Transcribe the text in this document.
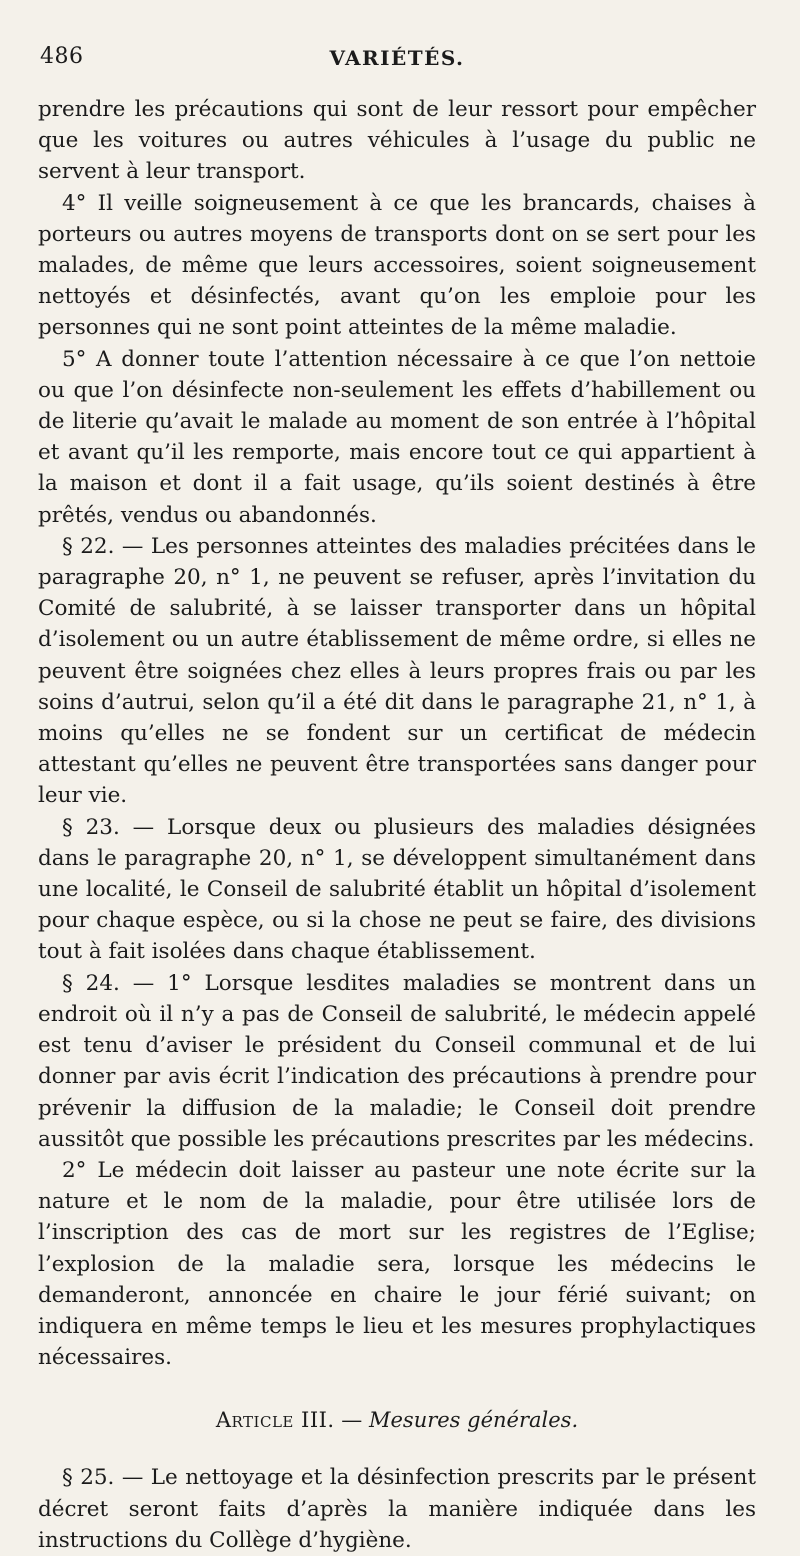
486	VARIÉTÉS.

prendre les précautions qui sont de leur ressort pour empêcher que les voitures ou autres véhicules à l’usage du public ne servent à leur transport.

4° Il veille soigneusement à ce que les brancards, chaises à porteurs ou autres moyens de transports dont on se sert pour les malades, de même que leurs accessoires, soient soigneusement nettoyés et désinfectés, avant qu’on les emploie pour les personnes qui ne sont point atteintes de la même maladie.

5° A donner toute l’attention nécessaire à ce que l’on nettoie ou que l’on désinfecte non-seulement les effets d’habillement ou de literie qu’avait le malade au moment de son entrée à l’hôpital et avant qu’il les remporte, mais encore tout ce qui appartient à la maison et dont il a fait usage, qu’ils soient destinés à être prêtés, vendus ou abandonnés.

§ 22. — Les personnes atteintes des maladies précitées dans le paragraphe 20, n° 1, ne peuvent se refuser, après l’invitation du Comité de salubrité, à se laisser transporter dans un hôpital d’isolement ou un autre établissement de même ordre, si elles ne peuvent être soignées chez elles à leurs propres frais ou par les soins d’autrui, selon qu’il a été dit dans le paragraphe 21, n° 1, à moins qu’elles ne se fondent sur un certificat de médecin attestant qu’elles ne peuvent être transportées sans danger pour leur vie.

§ 23. — Lorsque deux ou plusieurs des maladies désignées dans le paragraphe 20, n° 1, se développent simultanément dans une localité, le Conseil de salubrité établit un hôpital d’isolement pour chaque espèce, ou si la chose ne peut se faire, des divisions tout à fait isolées dans chaque établissement.

§ 24. — 1° Lorsque lesdites maladies se montrent dans un endroit où il n’y a pas de Conseil de salubrité, le médecin appelé est tenu d’aviser le président du Conseil communal et de lui donner par avis écrit l’indication des précautions à prendre pour prévenir la diffusion de la maladie; le Conseil doit prendre aussitôt que possible les précautions prescrites par les médecins.

2° Le médecin doit laisser au pasteur une note écrite sur la nature et le nom de la maladie, pour être utilisée lors de l’inscription des cas de mort sur les registres de l’Eglise; l’explosion de la maladie sera, lorsque les médecins le demanderont, annoncée en chaire le jour férié suivant; on indiquera en même temps le lieu et les mesures prophylactiques nécessaires.

Article III. — Mesures générales.

§ 25. — Le nettoyage et la désinfection prescrits par le présent décret seront faits d’après la manière indiquée dans les instructions du Collège d’hygiène.
